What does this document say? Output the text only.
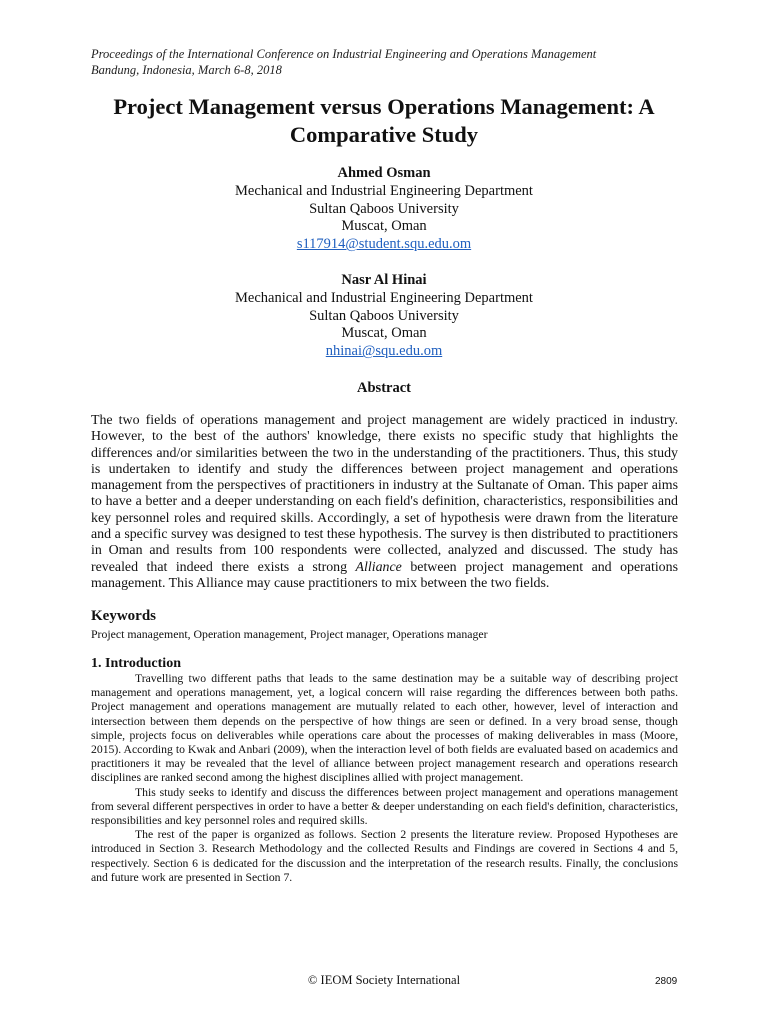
Proceedings of the International Conference on Industrial Engineering and Operations Management
Bandung, Indonesia, March 6-8, 2018
Project Management versus Operations Management: A
Comparative Study
Ahmed Osman
Mechanical and Industrial Engineering Department
Sultan Qaboos University
Muscat, Oman
s117914@student.squ.edu.om
Nasr Al Hinai
Mechanical and Industrial Engineering Department
Sultan Qaboos University
Muscat, Oman
nhinai@squ.edu.om
Abstract
The two fields of operations management and project management are widely practiced in industry. However, to the best of the authors' knowledge, there exists no specific study that highlights the differences and/or similarities between the two in the understanding of the practitioners. Thus, this study is undertaken to identify and study the differences between project management and operations management from the perspectives of practitioners in industry at the Sultanate of Oman. This paper aims to have a better and a deeper understanding on each field's definition, characteristics, responsibilities and key personnel roles and required skills. Accordingly, a set of hypothesis were drawn from the literature and a specific survey was designed to test these hypothesis. The survey is then distributed to practitioners in Oman and results from 100 respondents were collected, analyzed and discussed. The study has revealed that indeed there exists a strong Alliance between project management and operations management. This Alliance may cause practitioners to mix between the two fields.
Keywords
Project management, Operation management, Project manager, Operations manager
1. Introduction

Travelling two different paths that leads to the same destination may be a suitable way of describing project management and operations management, yet, a logical concern will raise regarding the differences between both paths. Project management and operations management are mutually related to each other, however, level of interaction and intersection between them depends on the perspective of how things are seen or defined. In a very broad sense, though simple, projects focus on deliverables while operations care about the processes of making deliverables in mass (Moore, 2015). According to Kwak and Anbari (2009), when the interaction level of both fields are evaluated based on academics and practitioners it may be revealed that the level of alliance between project management research and operations research disciplines are ranked second among the highest disciplines allied with project management.

This study seeks to identify and discuss the differences between project management and operations management from several different perspectives in order to have a better & deeper understanding on each field's definition, characteristics, responsibilities and key personnel roles and required skills.

The rest of the paper is organized as follows. Section 2 presents the literature review. Proposed Hypotheses are introduced in Section 3. Research Methodology and the collected Results and Findings are covered in Sections 4 and 5, respectively. Section 6 is dedicated for the discussion and the interpretation of the research results. Finally, the conclusions and future work are presented in Section 7.

© IEOM Society International	2809
